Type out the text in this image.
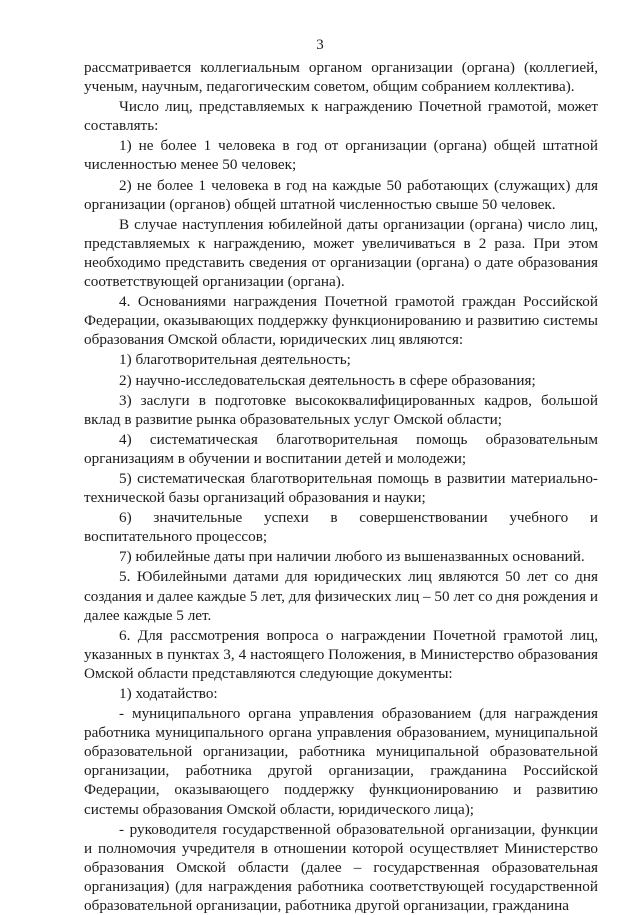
3

рассматривается коллегиальным органом организации (органа) (коллегией, ученым, научным, педагогическим советом, общим собранием коллектива).

Число лиц, представляемых к награждению Почетной грамотой, может составлять:

1) не более 1 человека в год от организации (органа) общей штатной численностью менее 50 человек;

2) не более 1 человека в год на каждые 50 работающих (служащих) для организации (органов) общей штатной численностью свыше 50 человек.

В случае наступления юбилейной даты организации (органа) число лиц, представляемых к награждению, может увеличиваться в 2 раза. При этом необходимо представить сведения от организации (органа) о дате образования соответствующей организации (органа).

4. Основаниями награждения Почетной грамотой граждан Российской Федерации, оказывающих поддержку функционированию и развитию системы образования Омской области, юридических лиц являются:

1) благотворительная деятельность;

2) научно-исследовательская деятельность в сфере образования;

3) заслуги в подготовке высококвалифицированных кадров, большой вклад в развитие рынка образовательных услуг Омской области;

4) систематическая благотворительная помощь образовательным организациям в обучении и воспитании детей и молодежи;

5) систематическая благотворительная помощь в развитии материально-технической базы организаций образования и науки;

6) значительные успехи в совершенствовании учебного и воспитательного процессов;

7) юбилейные даты при наличии любого из вышеназванных оснований.

5. Юбилейными датами для юридических лиц являются 50 лет со дня создания и далее каждые 5 лет, для физических лиц – 50 лет со дня рождения и далее каждые 5 лет.

6. Для рассмотрения вопроса о награждении Почетной грамотой лиц, указанных в пунктах 3, 4 настоящего Положения, в Министерство образования Омской области представляются следующие документы:

1) ходатайство:

- муниципального органа управления образованием (для награждения работника муниципального органа управления образованием, муниципальной образовательной организации, работника муниципальной образовательной организации, работника другой организации, гражданина Российской Федерации, оказывающего поддержку функционированию и развитию системы образования Омской области, юридического лица);

- руководителя государственной образовательной организации, функции и полномочия учредителя в отношении которой осуществляет Министерство образования Омской области (далее – государственная образовательная организация) (для награждения работника соответствующей государственной образовательной организации, работника другой организации, гражданина
